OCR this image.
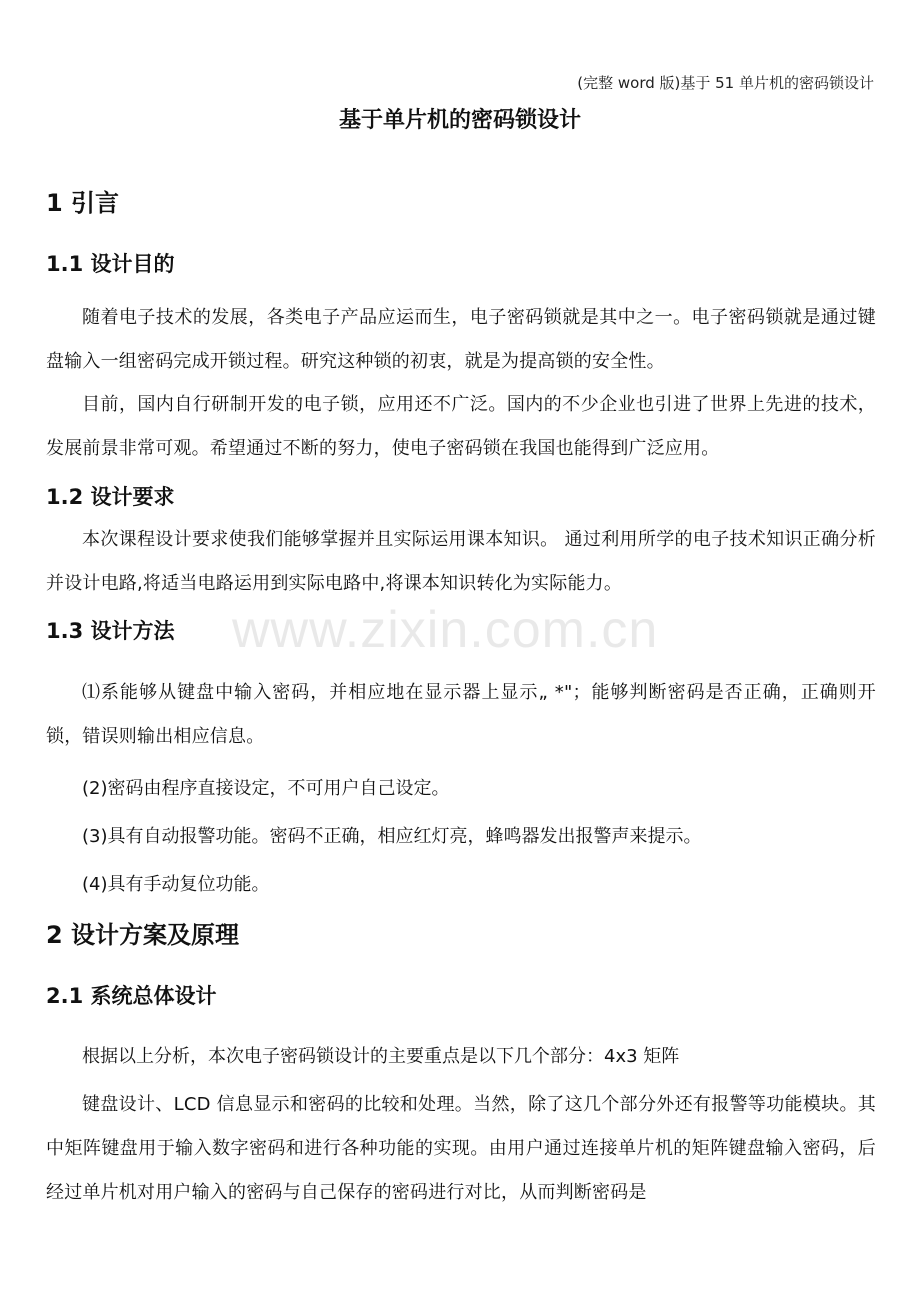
(完整 word 版)基于 51 单片机的密码锁设计
基于单片机的密码锁设计
www.zixin.com.cn
1 引言
1.1 设计目的
随着电子技术的发展，各类电子产品应运而生，电子密码锁就是其中之一。电子密码锁就是通过键盘输入一组密码完成开锁过程。研究这种锁的初衷，就是为提高锁的安全性。
目前，国内自行研制开发的电子锁，应用还不广泛。国内的不少企业也引进了世界上先进的技术，发展前景非常可观。希望通过不断的努力，使电子密码锁在我国也能得到广泛应用。
1.2 设计要求
本次课程设计要求使我们能够掌握并且实际运用课本知识。 通过利用所学的电子技术知识正确分析并设计电路,将适当电路运用到实际电路中,将课本知识转化为实际能力。
1.3 设计方法
⑴系能够从键盘中输入密码，并相应地在显示器上显示„ *"；能够判断密码是否正确，正确则开锁，错误则输出相应信息。
(2)密码由程序直接设定，不可用户自己设定。
(3)具有自动报警功能。密码不正确，相应红灯亮，蜂鸣器发出报警声来提示。
(4)具有手动复位功能。
2 设计方案及原理
2.1 系统总体设计
根据以上分析，本次电子密码锁设计的主要重点是以下几个部分：4x3 矩阵
键盘设计、LCD 信息显示和密码的比较和处理。当然，除了这几个部分外还有报警等功能模块。其中矩阵键盘用于输入数字密码和进行各种功能的实现。由用户通过连接单片机的矩阵键盘输入密码，后经过单片机对用户输入的密码与自己保存的密码进行对比，从而判断密码是
